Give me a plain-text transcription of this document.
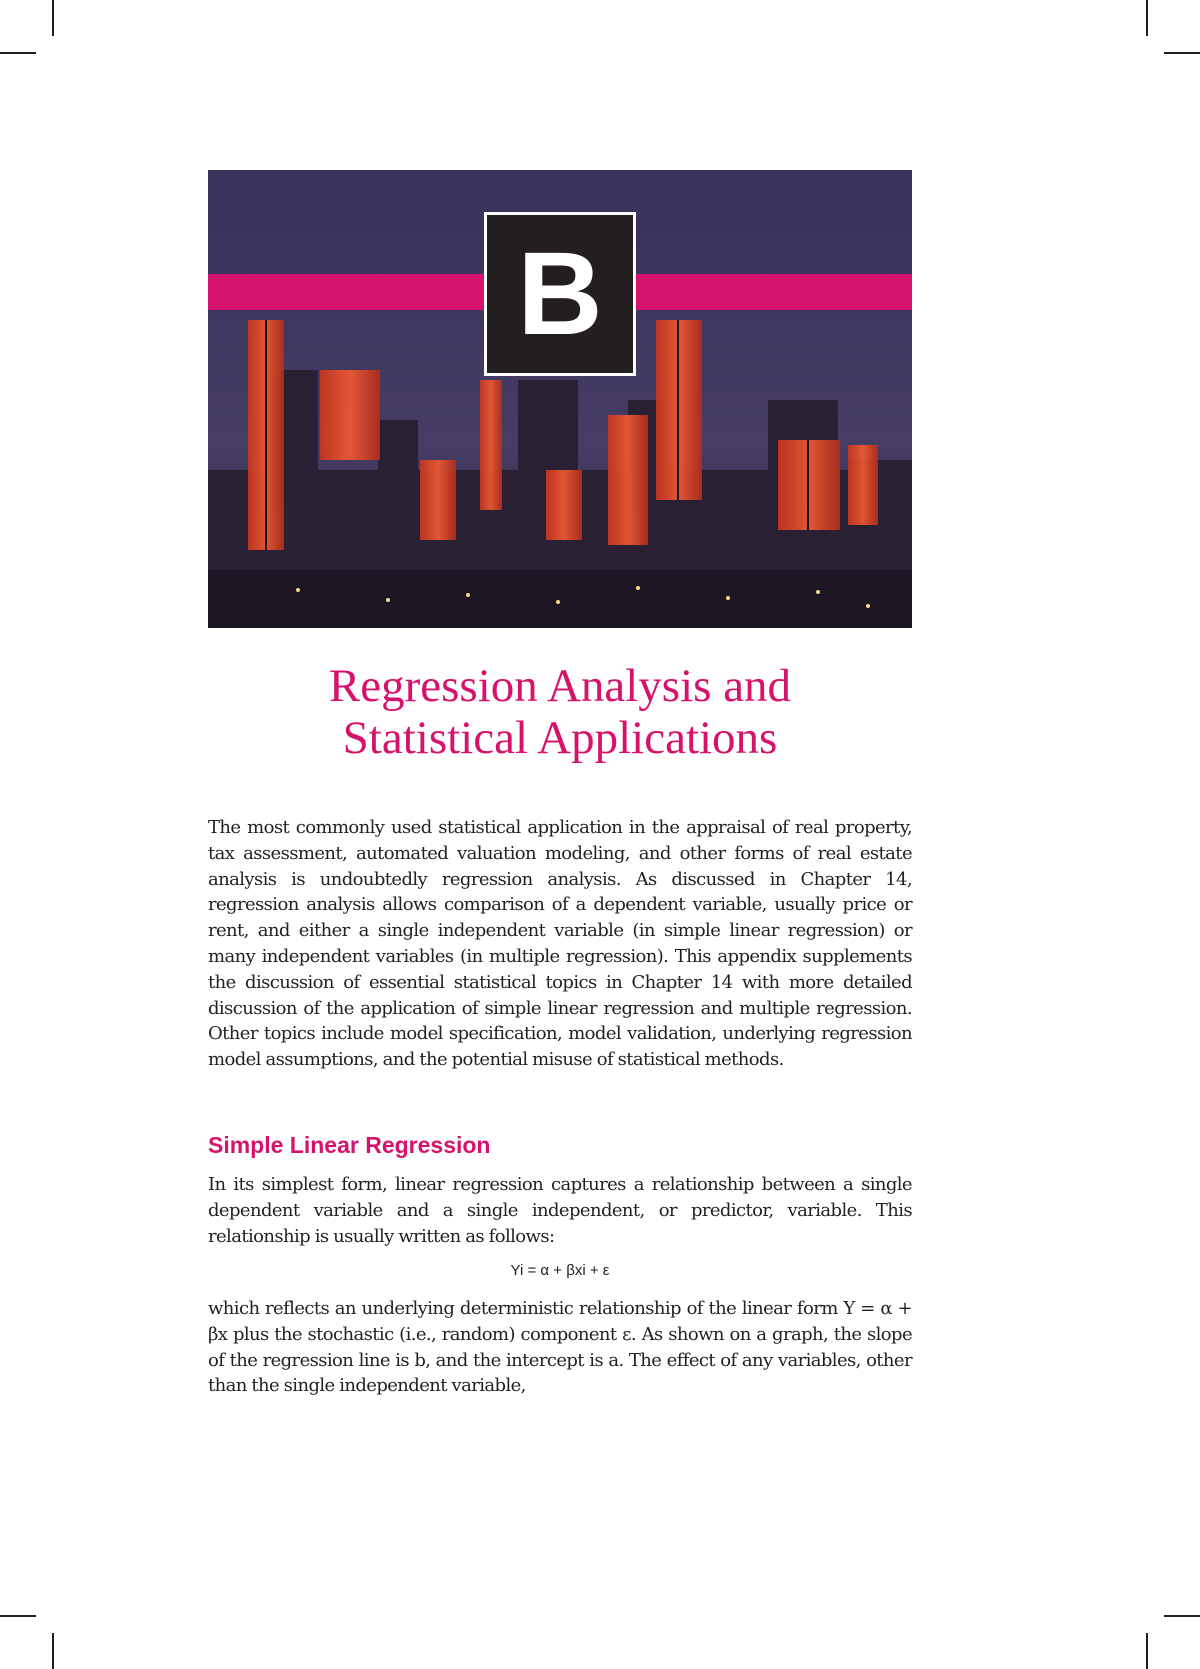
B
Regression Analysis and
Statistical Applications

The most commonly used statistical application in the appraisal of real property, tax assessment, automated valuation modeling, and other forms of real estate analysis is undoubtedly regression analysis. As discussed in Chapter 14, regression analysis allows comparison of a dependent variable, usually price or rent, and either a single independent variable (in simple linear regression) or many independent variables (in multiple regression). This appendix supplements the discussion of essential statistical topics in Chapter 14 with more detailed discussion of the application of simple linear regression and multiple regression. Other topics include model specification, model validation, underlying regression model assumptions, and the potential misuse of statistical methods.

Simple Linear Regression

In its simplest form, linear regression captures a relationship between a single dependent variable and a single independent, or predictor, variable. This relationship is usually written as follows:

Yi = α + βxi + ε

which reflects an underlying deterministic relationship of the linear form Y = α + βx plus the stochastic (i.e., random) component ε. As shown on a graph, the slope of the regression line is b, and the intercept is a. The effect of any variables, other than the single independent variable,
